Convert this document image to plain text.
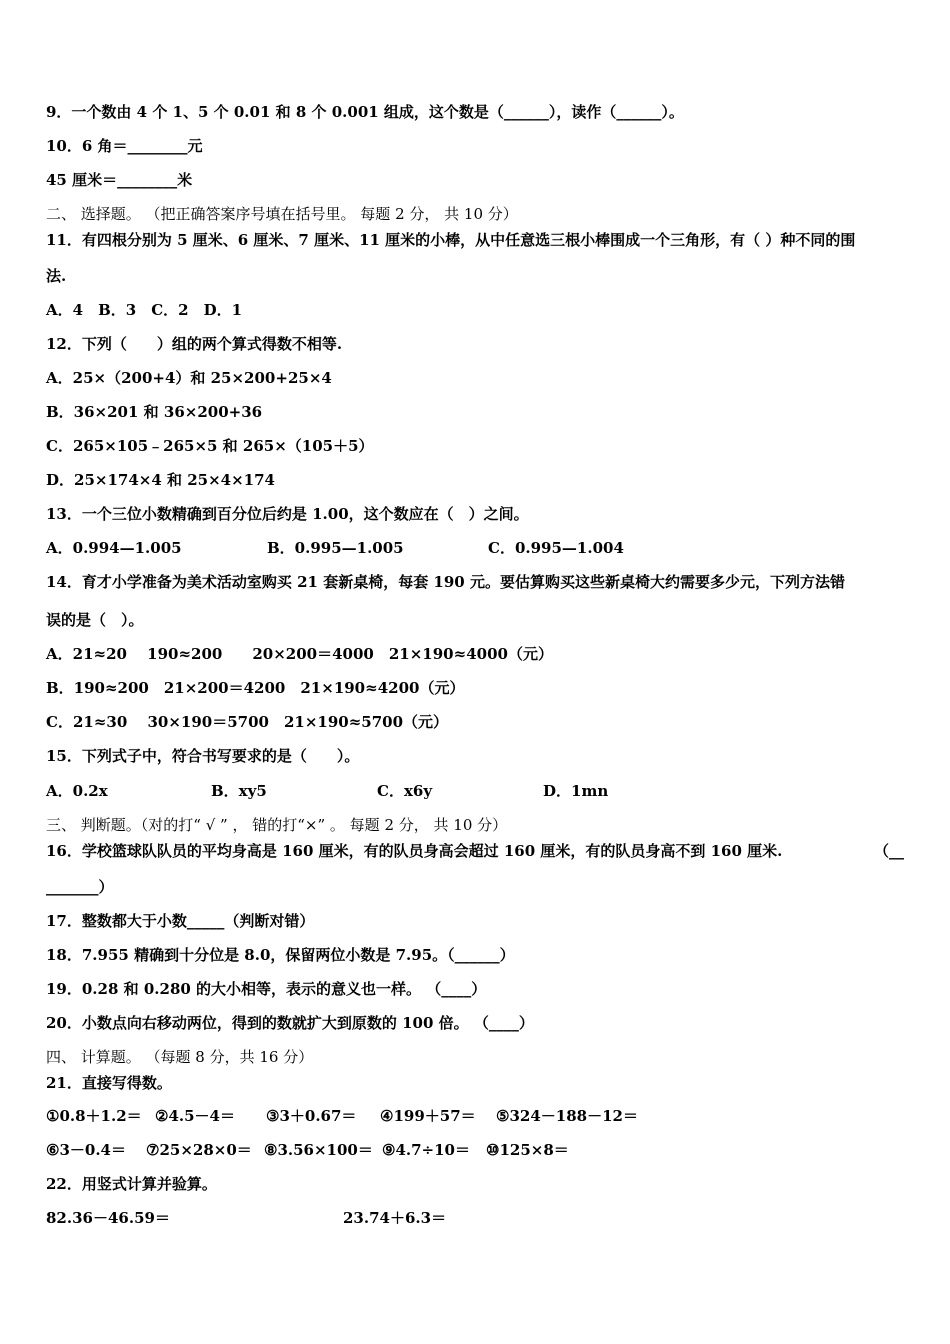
9．一个数由 4 个 1、5 个 0.01 和 8 个 0.001 组成，这个数是（______），读作（______）。
10．6 角＝________元
45 厘米＝________米
二、 选择题。 （把正确答案序号填在括号里。 每题 2 分， 共 10 分）
11．有四根分别为 5 厘米、6 厘米、7 厘米、11 厘米的小棒，从中任意选三根小棒围成一个三角形，有（ ）种不同的围
法.
A．4　B．3　C．2　D．1
12．下列（　　）组的两个算式得数不相等.
A．25×（200+4）和 25×200+25×4
B．36×201 和 36×200+36
C．265×105﹣265×5 和 265×（105＋5）
D．25×174×4 和 25×4×174
13．一个三位小数精确到百分位后约是 1.00，这个数应在（　）之间。
A．0.994—1.005	B．0.995—1.005	C．0.995—1.004
14．育才小学准备为美术活动室购买 21 套新桌椅，每套 190 元。要估算购买这些新桌椅大约需要多少元，下列方法错
误的是（　）。
A．21≈20　 190≈200　　20×200＝4000　21×190≈4000（元）
B．190≈200　21×200＝4200　21×190≈4200（元）
C．21≈30　 30×190＝5700　21×190≈5700（元）
15．下列式子中，符合书写要求的是（　　）。
A．0.2x	B．xy5	C．x6y	D．1mn
三、 判断题。（对的打“ √ ” ， 错的打“×” 。 每题 2 分， 共 10 分）
16．学校篮球队队员的平均身高是 160 厘米，有的队员身高会超过 160 厘米，有的队员身高不到 160 厘米.	（__
_______）
17．整数都大于小数_____（判断对错）
18．7.955 精确到十分位是 8.0，保留两位小数是 7.95。（______）
19．0.28 和 0.280 的大小相等，表示的意义也一样。 （____）
20．小数点向右移动两位，得到的数就扩大到原数的 100 倍。 （____）
四、 计算题。 （每题 8 分，共 16 分）
21．直接写得数。
①0.8＋1.2＝ ②4.5－4＝ ③3＋0.67＝ ④199＋57＝ ⑤324－188－12＝
⑥3－0.4＝ ⑦25×28×0＝ ⑧3.56×100＝ ⑨4.7÷10＝ ⑩125×8＝
22．用竖式计算并验算。
82.36－46.59＝	23.74＋6.3＝
